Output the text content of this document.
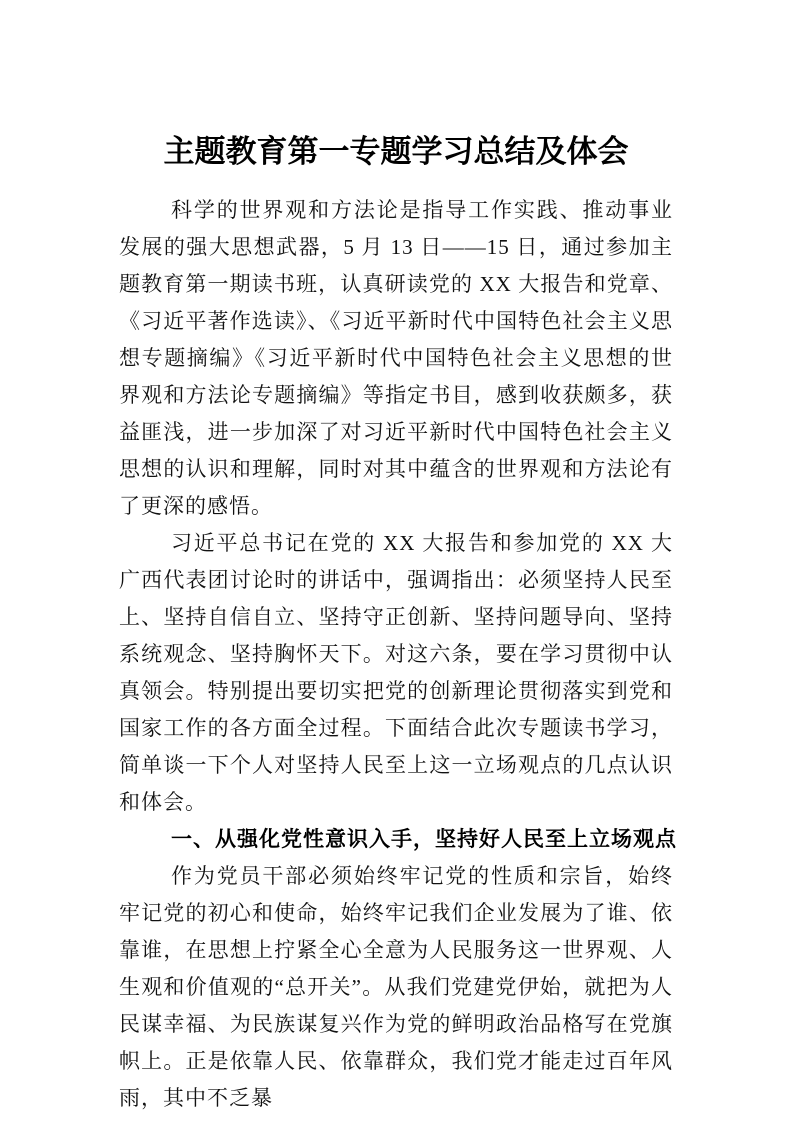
主题教育第一专题学习总结及体会

科学的世界观和方法论是指导工作实践、推动事业发展的强大思想武器，5 月 13 日——15 日，通过参加主题教育第一期读书班，认真研读党的 XX 大报告和党章、《习近平著作选读》、《习近平新时代中国特色社会主义思想专题摘编》《习近平新时代中国特色社会主义思想的世界观和方法论专题摘编》等指定书目，感到收获颇多，获益匪浅，进一步加深了对习近平新时代中国特色社会主义思想的认识和理解，同时对其中蕴含的世界观和方法论有了更深的感悟。

习近平总书记在党的 XX 大报告和参加党的 XX 大广西代表团讨论时的讲话中，强调指出：必须坚持人民至上、坚持自信自立、坚持守正创新、坚持问题导向、坚持系统观念、坚持胸怀天下。对这六条，要在学习贯彻中认真领会。特别提出要切实把党的创新理论贯彻落实到党和国家工作的各方面全过程。下面结合此次专题读书学习，简单谈一下个人对坚持人民至上这一立场观点的几点认识和体会。

一、从强化党性意识入手，坚持好人民至上立场观点

作为党员干部必须始终牢记党的性质和宗旨，始终牢记党的初心和使命，始终牢记我们企业发展为了谁、依靠谁，在思想上拧紧全心全意为人民服务这一世界观、人生观和价值观的“总开关”。从我们党建党伊始，就把为人民谋幸福、为民族谋复兴作为党的鲜明政治品格写在党旗帜上。正是依靠人民、依靠群众，我们党才能走过百年风雨，其中不乏暴
